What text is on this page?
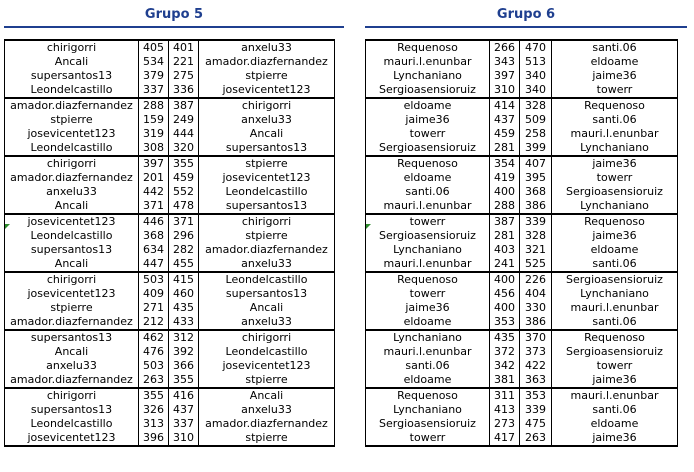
Grupo 5
chirigorri	405	401	anxelu33
Ancali	534	221	amador.diazfernandez
supersantos13	379	275	stpierre
Leondelcastillo	337	336	josevicentet123
amador.diazfernandez	288	387	chirigorri
stpierre	159	249	anxelu33
josevicentet123	319	444	Ancali
Leondelcastillo	308	320	supersantos13
chirigorri	397	355	stpierre
amador.diazfernandez	201	459	josevicentet123
anxelu33	442	552	Leondelcastillo
Ancali	371	478	supersantos13
josevicentet123	446	371	chirigorri
Leondelcastillo	368	296	stpierre
supersantos13	634	282	amador.diazfernandez
Ancali	447	455	anxelu33
chirigorri	503	415	Leondelcastillo
josevicentet123	409	460	supersantos13
stpierre	271	435	Ancali
amador.diazfernandez	212	433	anxelu33
supersantos13	462	312	chirigorri
Ancali	476	392	Leondelcastillo
anxelu33	503	366	josevicentet123
amador.diazfernandez	263	355	stpierre
chirigorri	355	416	Ancali
supersantos13	326	437	anxelu33
Leondelcastillo	313	337	amador.diazfernandez
josevicentet123	396	310	stpierre
Grupo 6
Requenoso	266	470	santi.06
mauri.l.enunbar	343	513	eldoame
Lynchaniano	397	340	jaime36
Sergioasensioruiz	310	340	towerr
eldoame	414	328	Requenoso
jaime36	437	509	santi.06
towerr	459	258	mauri.l.enunbar
Sergioasensioruiz	281	399	Lynchaniano
Requenoso	354	407	jaime36
eldoame	419	395	towerr
santi.06	400	368	Sergioasensioruiz
mauri.l.enunbar	288	386	Lynchaniano
towerr	387	339	Requenoso
Sergioasensioruiz	281	328	jaime36
Lynchaniano	403	321	eldoame
mauri.l.enunbar	241	525	santi.06
Requenoso	400	226	Sergioasensioruiz
towerr	456	404	Lynchaniano
jaime36	400	330	mauri.l.enunbar
eldoame	353	386	santi.06
Lynchaniano	435	370	Requenoso
mauri.l.enunbar	372	373	Sergioasensioruiz
santi.06	342	422	towerr
eldoame	381	363	jaime36
Requenoso	311	353	mauri.l.enunbar
Lynchaniano	413	339	santi.06
Sergioasensioruiz	273	475	eldoame
towerr	417	263	jaime36
